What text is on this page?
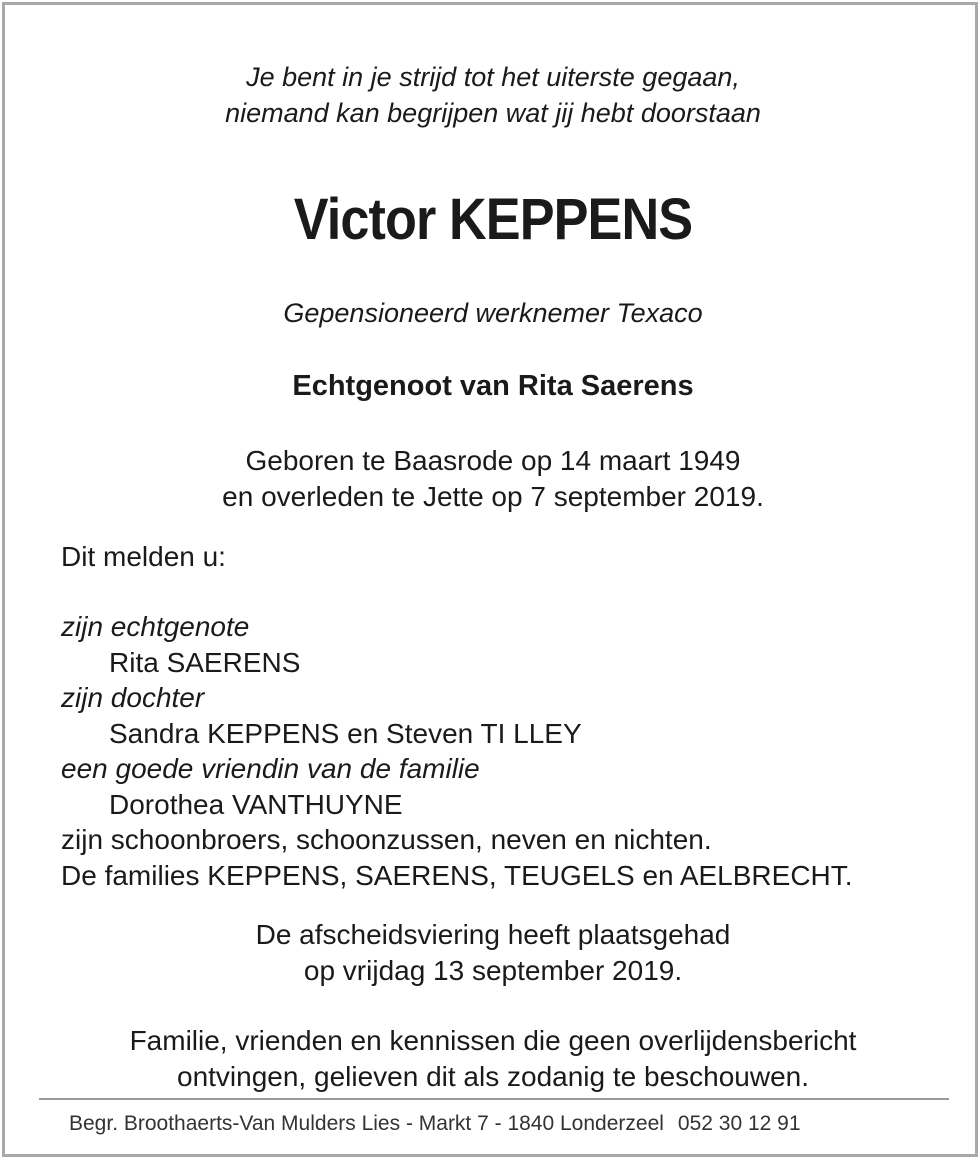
Je bent in je strijd tot het uiterste gegaan,
niemand kan begrijpen wat jij hebt doorstaan
Victor KEPPENS
Gepensioneerd werknemer Texaco
Echtgenoot van Rita Saerens
Geboren te Baasrode op 14 maart 1949
en overleden te Jette op 7 september 2019.
Dit melden u:
zijn echtgenote
Rita SAERENS
zijn dochter
Sandra KEPPENS en Steven TI LLEY
een goede vriendin van de familie
Dorothea VANTHUYNE
zijn schoonbroers, schoonzussen, neven en nichten.
De families KEPPENS, SAERENS, TEUGELS en AELBRECHT.
De afscheidsviering heeft plaatsgehad
op vrijdag 13 september 2019.
Familie, vrienden en kennissen die geen overlijdensbericht
ontvingen, gelieven dit als zodanig te beschouwen.
Begr. Broothaerts-Van Mulders Lies - Markt 7 - 1840 Londerzeel 052 30 12 91
